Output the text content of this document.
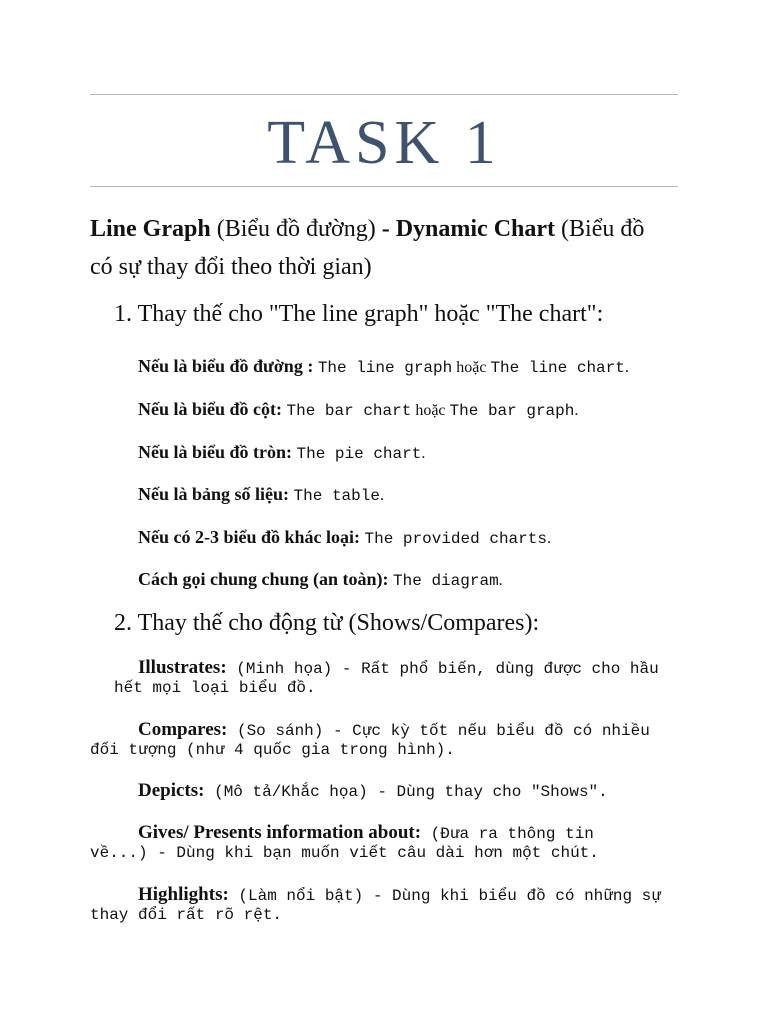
TASK 1
Line Graph (Biểu đồ đường) - Dynamic Chart (Biểu đồ
có sự thay đổi theo thời gian)
1. Thay thế cho "The line graph" hoặc "The chart":
Nếu là biểu đồ đường : The line graph hoặc The line chart.
Nếu là biểu đồ cột: The bar chart hoặc The bar graph.
Nếu là biểu đồ tròn: The pie chart.
Nếu là bảng số liệu: The table.
Nếu có 2-3 biểu đồ khác loại: The provided charts.
Cách gọi chung chung (an toàn): The diagram.
2. Thay thế cho động từ (Shows/Compares):
Illustrates: (Minh họa) - Rất phổ biến, dùng được cho hầu
hết mọi loại biểu đồ.
Compares: (So sánh) - Cực kỳ tốt nếu biểu đồ có nhiều
đối tượng (như 4 quốc gia trong hình).
Depicts: (Mô tả/Khắc họa) - Dùng thay cho "Shows".
Gives/ Presents information about: (Đưa ra thông tin
về...) - Dùng khi bạn muốn viết câu dài hơn một chút.
Highlights: (Làm nổi bật) - Dùng khi biểu đồ có những sự
thay đổi rất rõ rệt.
